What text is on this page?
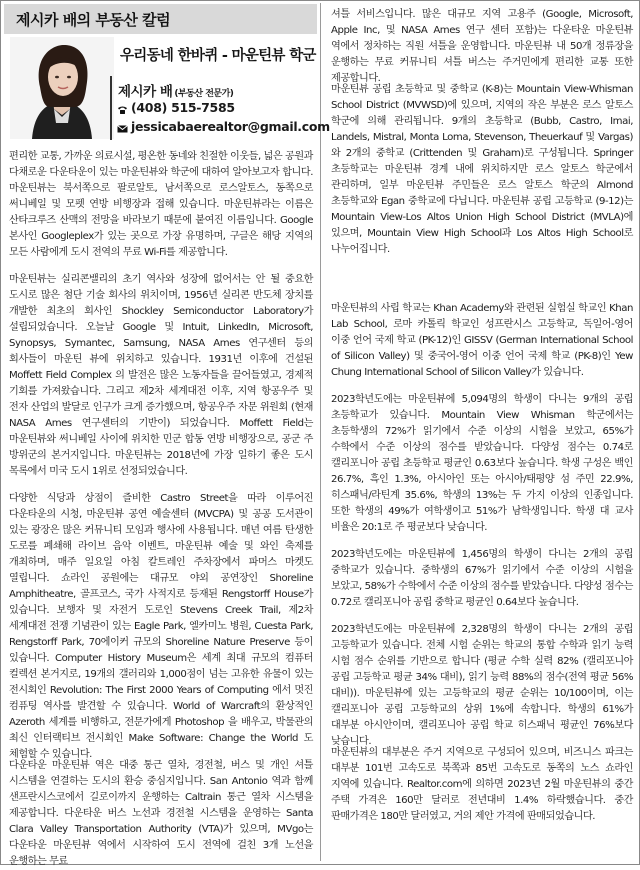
제시카 배의 부동산 칼럼
우리동네 한바퀴 - 마운틴뷰 학군
제시카 배 (부동산 전문가)
(408) 515-7585
jessicabaerealtor@gmail.com

편리한 교통, 가까운 의료시설, 평온한 동네와 친절한 이웃들, 넓은 공원과 다채로운 다운타운이 있는 마운틴뷰와 학군에 대하여 알아보고자 합니다. 마운틴뷰는 북서쪽으로 팔로알토, 남서쪽으로 로스알토스, 동쪽으로 써니베일 및 모펫 연방 비행장과 접해 있습니다. 마운틴뷰라는 이름은 산타크루즈 산맥의 전망을 바라보기 때문에 붙여진 이름입니다. Google 본사인 Googleplex가 있는 곳으로 가장 유명하며, 구글은 해당 지역의 모든 사람에게 도시 전역의 무료 Wi-Fi를 제공합니다.

마운틴뷰는 실리콘밸리의 초기 역사와 성장에 없어서는 안 될 중요한 도시로 많은 첨단 기술 회사의 위치이며, 1956년 실리콘 반도체 장치를 개발한 최초의 회사인 Shockley Semiconductor Laboratory가 설립되었습니다. 오늘날 Google 및 Intuit, LinkedIn, Microsoft, Synopsys, Symantec, Samsung, NASA Ames 연구센터 등의 회사들이 마운틴 뷰에 위치하고 있습니다. 1931년 이후에 건설된 Moffett Field Complex 의 발전은 많은 노동자들을 끌어들였고, 경제적 기회를 가져왔습니다. 그리고 제2차 세계대전 이후, 지역 항공우주 및 전자 산업의 발달로 인구가 크게 증가했으며, 항공우주 자문 위원회 (현재 NASA Ames 연구센터의 기반이) 되었습니다. Moffett Field는 마운틴뷰와 써니베일 사이에 위치한 민군 합동 연방 비행장으로, 공군 주 방위군의 본거지입니다. 마운틴뷰는 2018년에 가장 일하기 좋은 도시 목록에서 미국 도시 1위로 선정되었습니다.

다양한 식당과 상점이 즐비한 Castro Street을 따라 이루어진 다운타운의 시청, 마운틴뷰 공연 예술센터 (MVCPA) 및 공공 도서관이 있는 광장은 많은 커뮤니티 모임과 행사에 사용됩니다. 매년 여름 탄생한 도로를 폐쇄해 라이브 음악 이벤트, 마운틴뷰 예술 및 와인 축제를 개최하며, 매주 일요일 아침 칼트레인 주차장에서 파머스 마켓도 열립니다. 쇼라인 공원에는 대규모 야외 공연장인 Shoreline Amphitheatre, 골프코스, 국가 사적지로 등재된 Rengstorff House가 있습니다. 보행자 및 자전거 도로인 Stevens Creek Trail, 제2차 세계대전 전쟁 기념관이 있는 Eagle Park, 엘카미노 병원, Cuesta Park, Rengstorff Park, 70에이커 규모의 Shoreline Nature Preserve 등이 있습니다. Computer History Museum은 세계 최대 규모의 컴퓨터 컬렉션 본거지로, 19개의 갤러리와 1,000점이 넘는 고유한 유물이 있는 전시회인 Revolution: The First 2000 Years of Computing 에서 멋진 컴퓨팅 역사를 발견할 수 있습니다. World of Warcraft의 환상적인 Azeroth 세계를 비행하고, 전문가에게 Photoshop 을 배우고, 박물관의 최신 인터랙티브 전시회인 Make Software: Change the World 도 체험할 수 있습니다.

다운타운 마운틴뷰 역은 대중 통근 열차, 경전철, 버스 및 개인 셔틀 시스템을 연결하는 도시의 환승 중심지입니다. San Antonio 역과 함께 샌프란시스코에서 길로이까지 운행하는 Caltrain 통근 열차 시스템을 제공합니다. 다운타운 버스 노선과 경전철 시스템을 운영하는 Santa Clara Valley Transportation Authority (VTA)가 있으며, MVgo는 다운타운 마운틴뷰 역에서 시작하여 도시 전역에 걸친 3개 노선을 운행하는 무료

셔틀 서비스입니다. 많은 대규모 지역 고용주 (Google, Microsoft, Apple Inc, 및 NASA Ames 연구 센터 포함)는 다운타운 마운틴뷰 역에서 정차하는 직원 셔틀을 운영합니다. 마운틴뷰 내 50개 정류장을 운행하는 무료 커뮤니티 셔틀 버스는 주거민에게 편리한 교통 또한 제공합니다.

마운틴뷰 공립 초등학교 및 중학교 (K-8)는 Mountain View-Whisman School District (MVWSD)에 있으며, 지역의 작은 부분은 로스 알토스 학군에 의해 관리됩니다. 9개의 초등학교 (Bubb, Castro, Imai, Landels, Mistral, Monta Loma, Stevenson, Theuerkauf 및 Vargas)와 2개의 중학교 (Crittenden 및 Graham)로 구성됩니다. Springer 초등학교는 마운틴뷰 경계 내에 위치하지만 로스 알토스 학군에서 관리하며, 일부 마운틴뷰 주민들은 로스 알토스 학군의 Almond 초등학교와 Egan 중학교에 다닙니다. 마운틴뷰 공립 고등학교 (9-12)는 Mountain View-Los Altos Union High School District (MVLA)에 있으며, Mountain View High School과 Los Altos High School로 나누어집니다.

마운틴뷰의 사립 학교는 Khan Academy와 관련된 실험실 학교인 Khan Lab School, 로마 카톨릭 학교인 성프란시스 고등학교, 독일어-영어 이중 언어 국제 학교 (PK-12)인 GISSV (German International School of Silicon Valley) 및 중국어-영어 이중 언어 국제 학교 (PK-8)인 Yew Chung International School of Silicon Valley가 있습니다.

2023학년도에는 마운틴뷰에 5,094명의 학생이 다니는 9개의 공립 초등학교가 있습니다. Mountain View Whisman 학군에서는 초등학생의 72%가 읽기에서 수준 이상의 시험을 보았고, 65%가 수학에서 수준 이상의 점수를 받았습니다. 다양성 점수는 0.74로 캘리포니아 공립 초등학교 평균인 0.63보다 높습니다. 학생 구성은 백인 26.7%, 흑인 1.3%, 아시아인 또는 아시아/태평양 섬 주민 22.9%, 히스패닉/라틴계 35.6%, 학생의 13%는 두 가지 이상의 인종입니다. 또한 학생의 49%가 여학생이고 51%가 남학생입니다. 학생 대 교사 비율은 20:1로 주 평균보다 낮습니다.

2023학년도에는 마운틴뷰에 1,456명의 학생이 다니는 2개의 공립 중학교가 있습니다. 중학생의 67%가 읽기에서 수준 이상의 시험을 보았고, 58%가 수학에서 수준 이상의 점수를 받았습니다. 다양성 점수는 0.72로 캘리포니아 공립 중학교 평균인 0.64보다 높습니다.

2023학년도에는 마운틴뷰에 2,328명의 학생이 다니는 2개의 공립 고등학교가 있습니다. 전체 시험 순위는 학교의 통합 수학과 읽기 능력 시험 점수 순위를 기반으로 합니다 (평균 수학 실력 82% (캘리포니아 공립 고등학교 평균 34% 대비), 읽기 능력 88%의 점수(전역 평균 56% 대비)). 마운틴뷰에 있는 고등학교의 평균 순위는 10/100이며, 이는 캘리포니아 공립 고등학교의 상위 1%에 속합니다. 학생의 61%가 대부분 아시안이며, 캘리포니아 공립 학교 히스패닉 평균인 76%보다 낮습니다.

마운틴뷰의 대부분은 주거 지역으로 구성되어 있으며, 비즈니스 파크는 대부분 101번 고속도로 북쪽과 85번 고속도로 동쪽의 노스 쇼라인 지역에 있습니다. Realtor.com에 의하면 2023년 2월 마운틴뷰의 중간 주택 가격은 160만 달러로 전년대비 1.4% 하락했습니다. 중간 판매가격은 180만 달러였고, 거의 제안 가격에 판매되었습니다.
